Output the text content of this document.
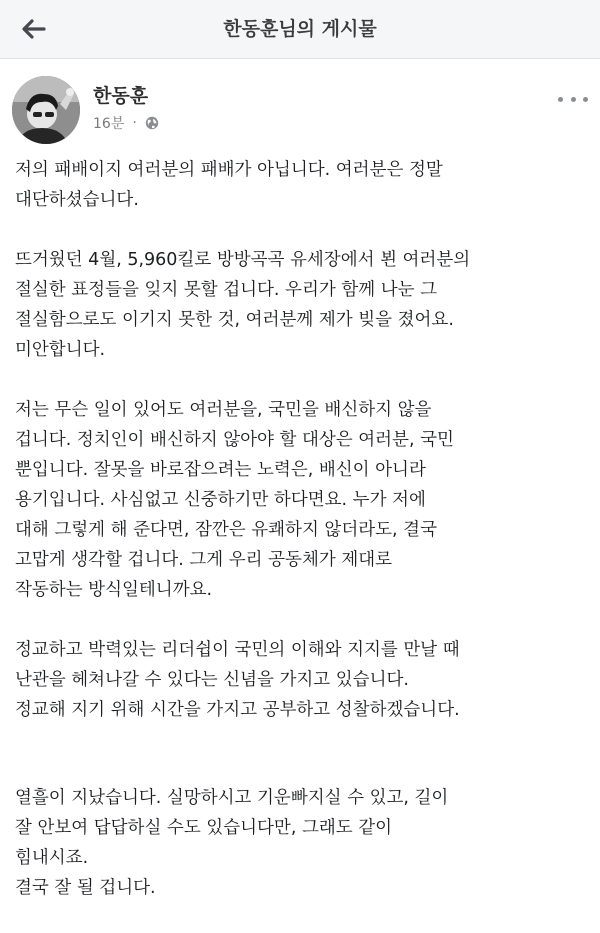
한동훈님의 게시물
한동훈
16분 ·
저의 패배이지 여러분의 패배가 아닙니다. 여러분은 정말
대단하셨습니다.
뜨거웠던 4월, 5,960킬로 방방곡곡 유세장에서 뵌 여러분의
절실한 표정들을 잊지 못할 겁니다. 우리가 함께 나눈 그
절실함으로도 이기지 못한 것, 여러분께 제가 빚을 졌어요.
미안합니다.
저는 무슨 일이 있어도 여러분을, 국민을 배신하지 않을
겁니다. 정치인이 배신하지 않아야 할 대상은 여러분, 국민
뿐입니다. 잘못을 바로잡으려는 노력은, 배신이 아니라
용기입니다. 사심없고 신중하기만 하다면요. 누가 저에
대해 그렇게 해 준다면, 잠깐은 유쾌하지 않더라도, 결국
고맙게 생각할 겁니다. 그게 우리 공동체가 제대로
작동하는 방식일테니까요.
정교하고 박력있는 리더쉽이 국민의 이해와 지지를 만날 때
난관을 헤쳐나갈 수 있다는 신념을 가지고 있습니다.
정교해 지기 위해 시간을 가지고 공부하고 성찰하겠습니다.
열흘이 지났습니다. 실망하시고 기운빠지실 수 있고, 길이
잘 안보여 답답하실 수도 있습니다만, 그래도 같이
힘내시죠.
결국 잘 될 겁니다.
